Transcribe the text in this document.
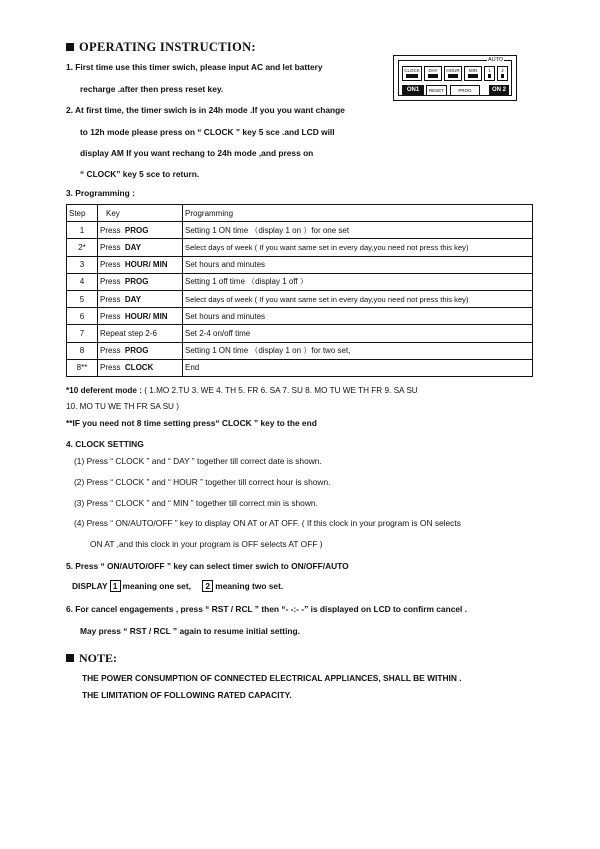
OPERATING INSTRUCTION:
1. First time use this timer swich, please input AC and let battery
recharge .after then press reset key.
2. At first time, the timer swich is in 24h mode .If you you want change
to 12h mode please press on “ CLOCK ” key 5 sce .and LCD will
display AM If you want rechang to 24h mode ,and press on
“ CLOCK” key 5 sce to return.
3. Programming :
AUTO
CLOCK	DAY	HOUR	MIN	1	2
ON1	RESET	PROG	ON 2
Step	Key	Programming
1	Press PROG	Setting 1 ON time （display 1 on ）for one set
2*	Press DAY	Select days of week ( If you want same set in every day,you need not press this key)
3	Press HOUR/ MIN	Set hours and minutes
4	Press PROG	Setting 1 off time （display 1 off ）
5	Press DAY	Select days of week ( If you want same set in every day,you need not press this key)
6	Press HOUR/ MIN	Set hours and minutes
7	Repeat step 2-6	Set 2-4 on/off time
8	Press PROG	Setting 1 ON time （display 1 on ）for two set,
8**	Press CLOCK	End
*10 deferent mode : ( 1.MO 2.TU 3. WE 4. TH 5. FR 6. SA 7. SU 8. MO TU WE TH FR 9. SA SU
10. MO TU WE TH FR SA SU )
**IF you need not 8 time setting press“ CLOCK ” key to the end
4. CLOCK SETTING
(1) Press “ CLOCK ” and “ DAY ” together till correct date is shown.
(2) Press “ CLOCK ” and “ HOUR ” together till correct hour is shown.
(3) Press “ CLOCK ” and “ MIN ” together till correct min is shown.
(4) Press “ ON/AUTO/OFF ” key to display ON AT or AT OFF. ( If this clock in your program is ON selects
ON AT ,and this clock in your program is OFF selects AT OFF )
5. Press “ ON/AUTO/OFF ” key can select timer swich to ON/OFF/AUTO
DISPLAY 1 meaning one set, 2 meaning two set.
6. For cancel engagements , press “ RST / RCL ” then “- -:- -” is displayed on LCD to confirm cancel .
May press “ RST / RCL ” again to resume initial setting.
NOTE:
THE POWER CONSUMPTION OF CONNECTED ELECTRICAL APPLIANCES, SHALL BE WITHIN .
THE LIMITATION OF FOLLOWING RATED CAPACITY.
